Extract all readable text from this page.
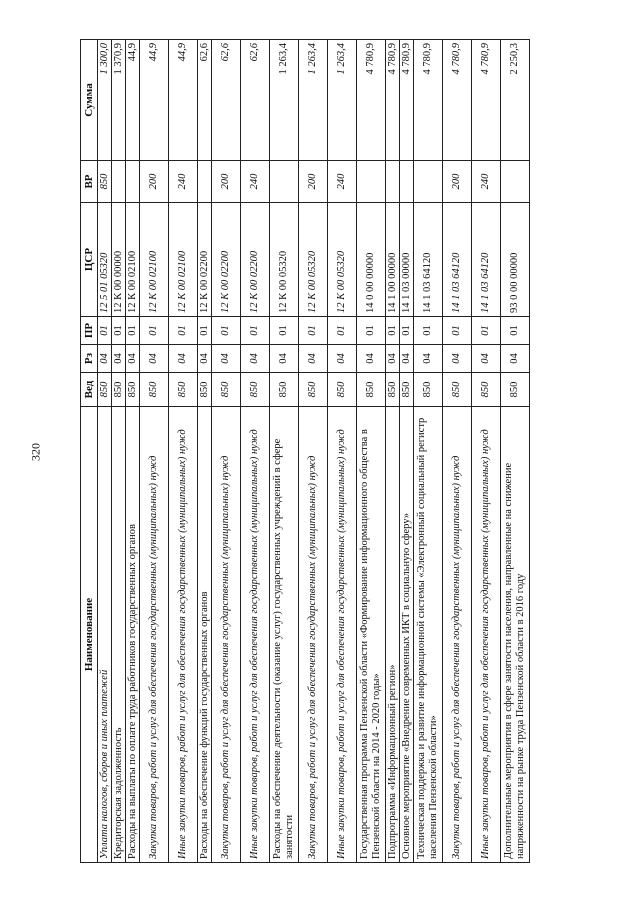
320
Наименование	Вед	Рз	ПР	ЦСР	ВР	Сумма
Уплата налогов, сборов и иных платежей	850	04	01	12 5 01 05320	850	1 300,0
Кредиторская задолженность	850	04	01	12 К 00 00000		1 370,9
Расходы на выплаты по оплате труда работников государственных органов	850	04	01	12 К 00 02100		44,9
Закупка товаров, работ и услуг для обеспечения государственных (муниципальных) нужд	850	04	01	12 К 00 02100	200	44,9
Иные закупки товаров, работ и услуг для обеспечения государственных (муниципальных) нужд	850	04	01	12 К 00 02100	240	44,9
Расходы на обеспечение функций государственных органов	850	04	01	12 К 00 02200		62,6
Закупка товаров, работ и услуг для обеспечения государственных (муниципальных) нужд	850	04	01	12 К 00 02200	200	62,6
Иные закупки товаров, работ и услуг для обеспечения государственных (муниципальных) нужд	850	04	01	12 К 00 02200	240	62,6
Расходы на обеспечение деятельности (оказание услуг) государственных учреждений в сфере занятости	850	04	01	12 К 00 05320		1 263,4
Закупка товаров, работ и услуг для обеспечения государственных (муниципальных) нужд	850	04	01	12 К 00 05320	200	1 263,4
Иные закупки товаров, работ и услуг для обеспечения государственных (муниципальных) нужд	850	04	01	12 К 00 05320	240	1 263,4
Государственная программа Пензенской области «Формирование информационного общества в Пензенской области на 2014 - 2020 годы»	850	04	01	14 0 00 00000		4 780,9
Подпрограмма «Информационный регион»	850	04	01	14 1 00 00000		4 780,9
Основное мероприятие «Внедрение современных ИКТ в социальную сферу»	850	04	01	14 1 03 00000		4 780,9
Техническая поддержка и развитие информационной системы «Электронный социальный регистр населения Пензенской области»	850	04	01	14 1 03 64120		4 780,9
Закупка товаров, работ и услуг для обеспечения государственных (муниципальных) нужд	850	04	01	14 1 03 64120	200	4 780,9
Иные закупки товаров, работ и услуг для обеспечения государственных (муниципальных) нужд	850	04	01	14 1 03 64120	240	4 780,9
Дополнительные мероприятия в сфере занятости населения, направленные на снижение напряженности на рынке труда Пензенской области в 2016 году	850	04	01	93 0 00 00000		2 250,3
